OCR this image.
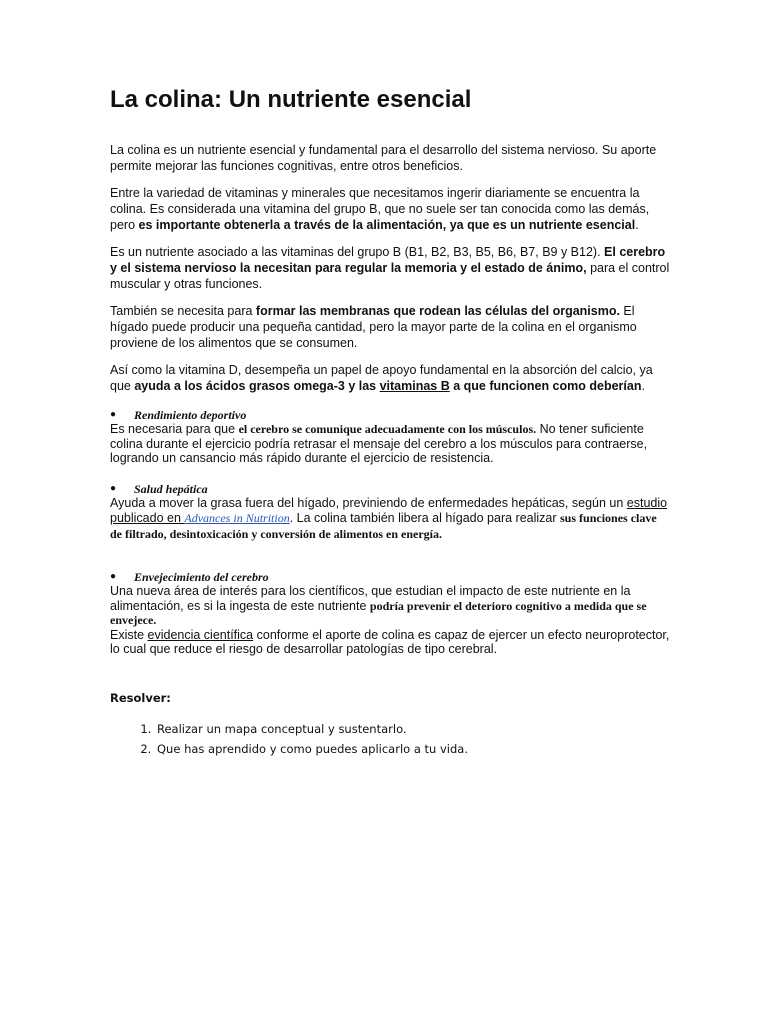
La colina: Un nutriente esencial

La colina es un nutriente esencial y fundamental para el desarrollo del sistema nervioso. Su aporte permite mejorar las funciones cognitivas, entre otros beneficios.

Entre la variedad de vitaminas y minerales que necesitamos ingerir diariamente se encuentra la colina. Es considerada una vitamina del grupo B, que no suele ser tan conocida como las demás, pero es importante obtenerla a través de la alimentación, ya que es un nutriente esencial.

Es un nutriente asociado a las vitaminas del grupo B (B1, B2, B3, B5, B6, B7, B9 y B12). El cerebro y el sistema nervioso la necesitan para regular la memoria y el estado de ánimo, para el control muscular y otras funciones.

También se necesita para formar las membranas que rodean las células del organismo. El hígado puede producir una pequeña cantidad, pero la mayor parte de la colina en el organismo proviene de los alimentos que se consumen.

Así como la vitamina D, desempeña un papel de apoyo fundamental en la absorción del calcio, ya que ayuda a los ácidos grasos omega-3 y las vitaminas B a que funcionen como deberían.

●	Rendimiento deportivo

Es necesaria para que el cerebro se comunique adecuadamente con los músculos. No tener suficiente colina durante el ejercicio podría retrasar el mensaje del cerebro a los músculos para contraerse, logrando un cansancio más rápido durante el ejercicio de resistencia.

●	Salud hepática

Ayuda a mover la grasa fuera del hígado, previniendo de enfermedades hepáticas, según un estudio publicado en Advances in Nutrition. La colina también libera al hígado para realizar sus funciones clave de filtrado, desintoxicación y conversión de alimentos en energía.

●	Envejecimiento del cerebro

Una nueva área de interés para los científicos, que estudian el impacto de este nutriente en la alimentación, es si la ingesta de este nutriente podría prevenir el deterioro cognitivo a medida que se envejece.

Existe evidencia científica conforme el aporte de colina es capaz de ejercer un efecto neuroprotector, lo cual que reduce el riesgo de desarrollar patologías de tipo cerebral.

Resolver:
1. Realizar un mapa conceptual y sustentarlo.
2. Que has aprendido y como puedes aplicarlo a tu vida.
